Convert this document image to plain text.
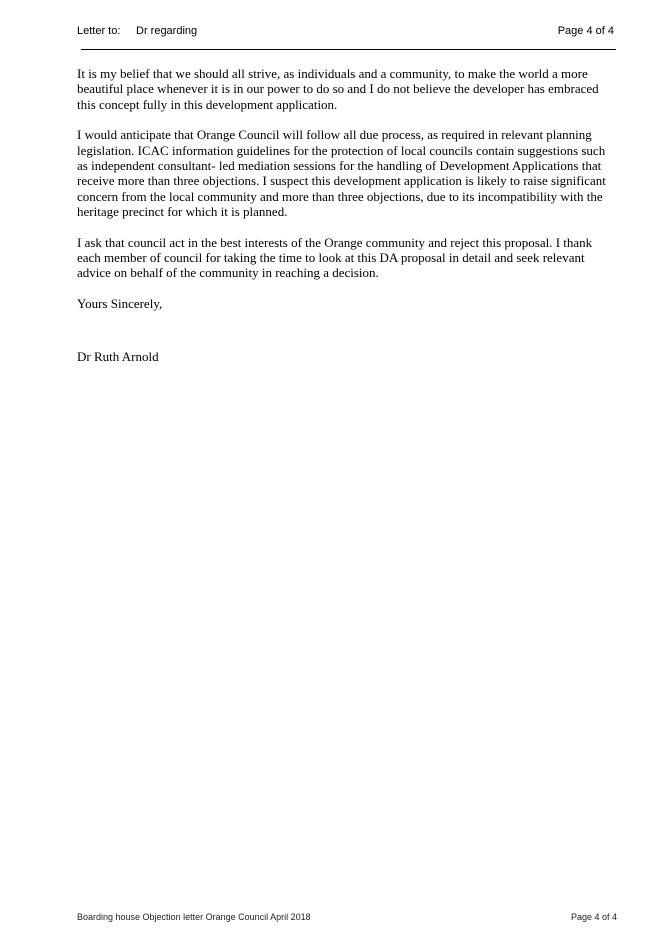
Letter to: Dr regarding	Page 4 of 4

It is my belief that we should all strive, as individuals and a community, to make the world a more beautiful place whenever it is in our power to do so and I do not believe the developer has embraced this concept fully in this development application.

I would anticipate that Orange Council will follow all due process, as required in relevant planning legislation. ICAC information guidelines for the protection of local councils contain suggestions such as independent consultant- led mediation sessions for the handling of Development Applications that receive more than three objections. I suspect this development application is likely to raise significant concern from the local community and more than three objections, due to its incompatibility with the heritage precinct for which it is planned.

I ask that council act in the best interests of the Orange community and reject this proposal. I thank each member of council for taking the time to look at this DA proposal in detail and seek relevant advice on behalf of the community in reaching a decision.

Yours Sincerely,

Dr Ruth Arnold
Boarding house Objection letter Orange Council April 2018	Page 4 of 4
